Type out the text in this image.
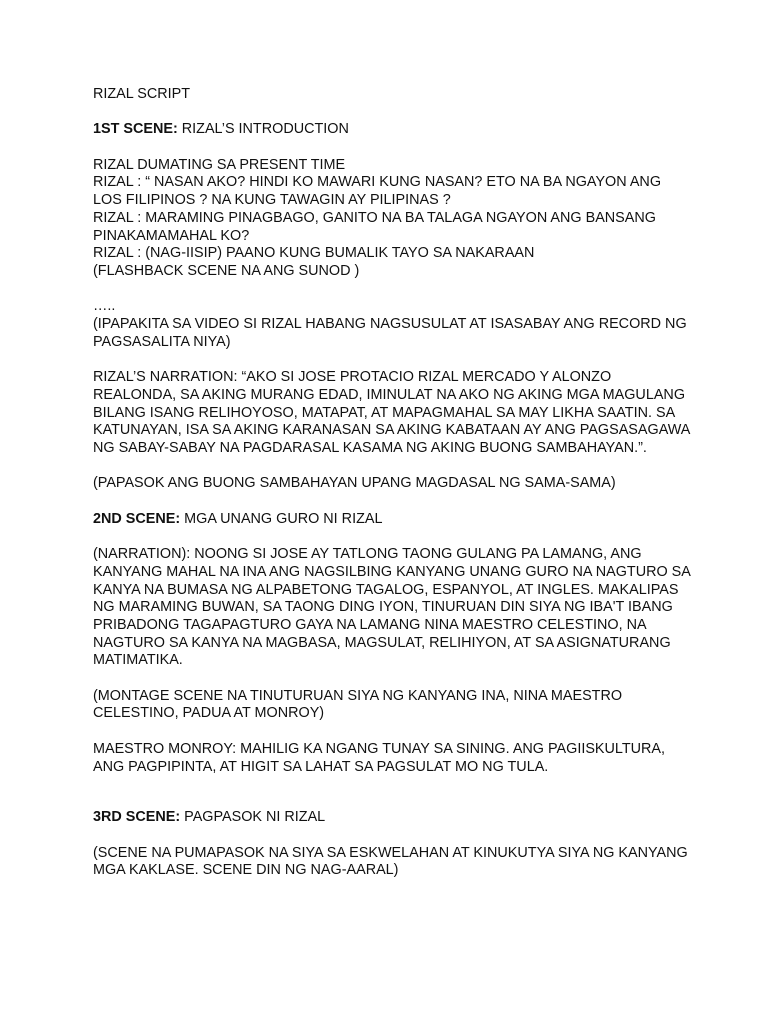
RIZAL SCRIPT

1ST SCENE: RIZAL’S INTRODUCTION

RIZAL DUMATING SA PRESENT TIME

RIZAL : “ NASAN AKO? HINDI KO MAWARI KUNG NASAN? ETO NA BA NGAYON ANG LOS FILIPINOS ? NA KUNG TAWAGIN AY PILIPINAS ?

RIZAL : MARAMING PINAGBAGO, GANITO NA BA TALAGA NGAYON ANG BANSANG PINAKAMAMAHAL KO?

RIZAL : (NAG-IISIP) PAANO KUNG BUMALIK TAYO SA NAKARAAN

(FLASHBACK SCENE NA ANG SUNOD )

…..

(IPAPAKITA SA VIDEO SI RIZAL HABANG NAGSUSULAT AT ISASABAY ANG RECORD NG PAGSASALITA NIYA)

RIZAL’S NARRATION: “AKO SI JOSE PROTACIO RIZAL MERCADO Y ALONZO REALONDA, SA AKING MURANG EDAD, IMINULAT NA AKO NG AKING MGA MAGULANG BILANG ISANG RELIHOYOSO, MATAPAT, AT MAPAGMAHAL SA MAY LIKHA SAATIN. SA KATUNAYAN, ISA SA AKING KARANASAN SA AKING KABATAAN AY ANG PAGSASAGAWA NG SABAY-SABAY NA PAGDARASAL KASAMA NG AKING BUONG SAMBAHAYAN.”.

(PAPASOK ANG BUONG SAMBAHAYAN UPANG MAGDASAL NG SAMA-SAMA)

2ND SCENE: MGA UNANG GURO NI RIZAL

(NARRATION): NOONG SI JOSE AY TATLONG TAONG GULANG PA LAMANG, ANG KANYANG MAHAL NA INA ANG NAGSILBING KANYANG UNANG GURO NA NAGTURO SA KANYA NA BUMASA NG ALPABETONG TAGALOG, ESPANYOL, AT INGLES. MAKALIPAS NG MARAMING BUWAN, SA TAONG DING IYON, TINURUAN DIN SIYA NG IBA'T IBANG PRIBADONG TAGAPAGTURO GAYA NA LAMANG NINA MAESTRO CELESTINO, NA NAGTURO SA KANYA NA MAGBASA, MAGSULAT, RELIHIYON, AT SA ASIGNATURANG MATIMATIKA.

(MONTAGE SCENE NA TINUTURUAN SIYA NG KANYANG INA, NINA MAESTRO CELESTINO, PADUA AT MONROY)

MAESTRO MONROY: MAHILIG KA NGANG TUNAY SA SINING. ANG PAGIISKULTURA, ANG PAGPIPINTA, AT HIGIT SA LAHAT SA PAGSULAT MO NG TULA.

3RD SCENE: PAGPASOK NI RIZAL

(SCENE NA PUMAPASOK NA SIYA SA ESKWELAHAN AT KINUKUTYA SIYA NG KANYANG MGA KAKLASE. SCENE DIN NG NAG-AARAL)
